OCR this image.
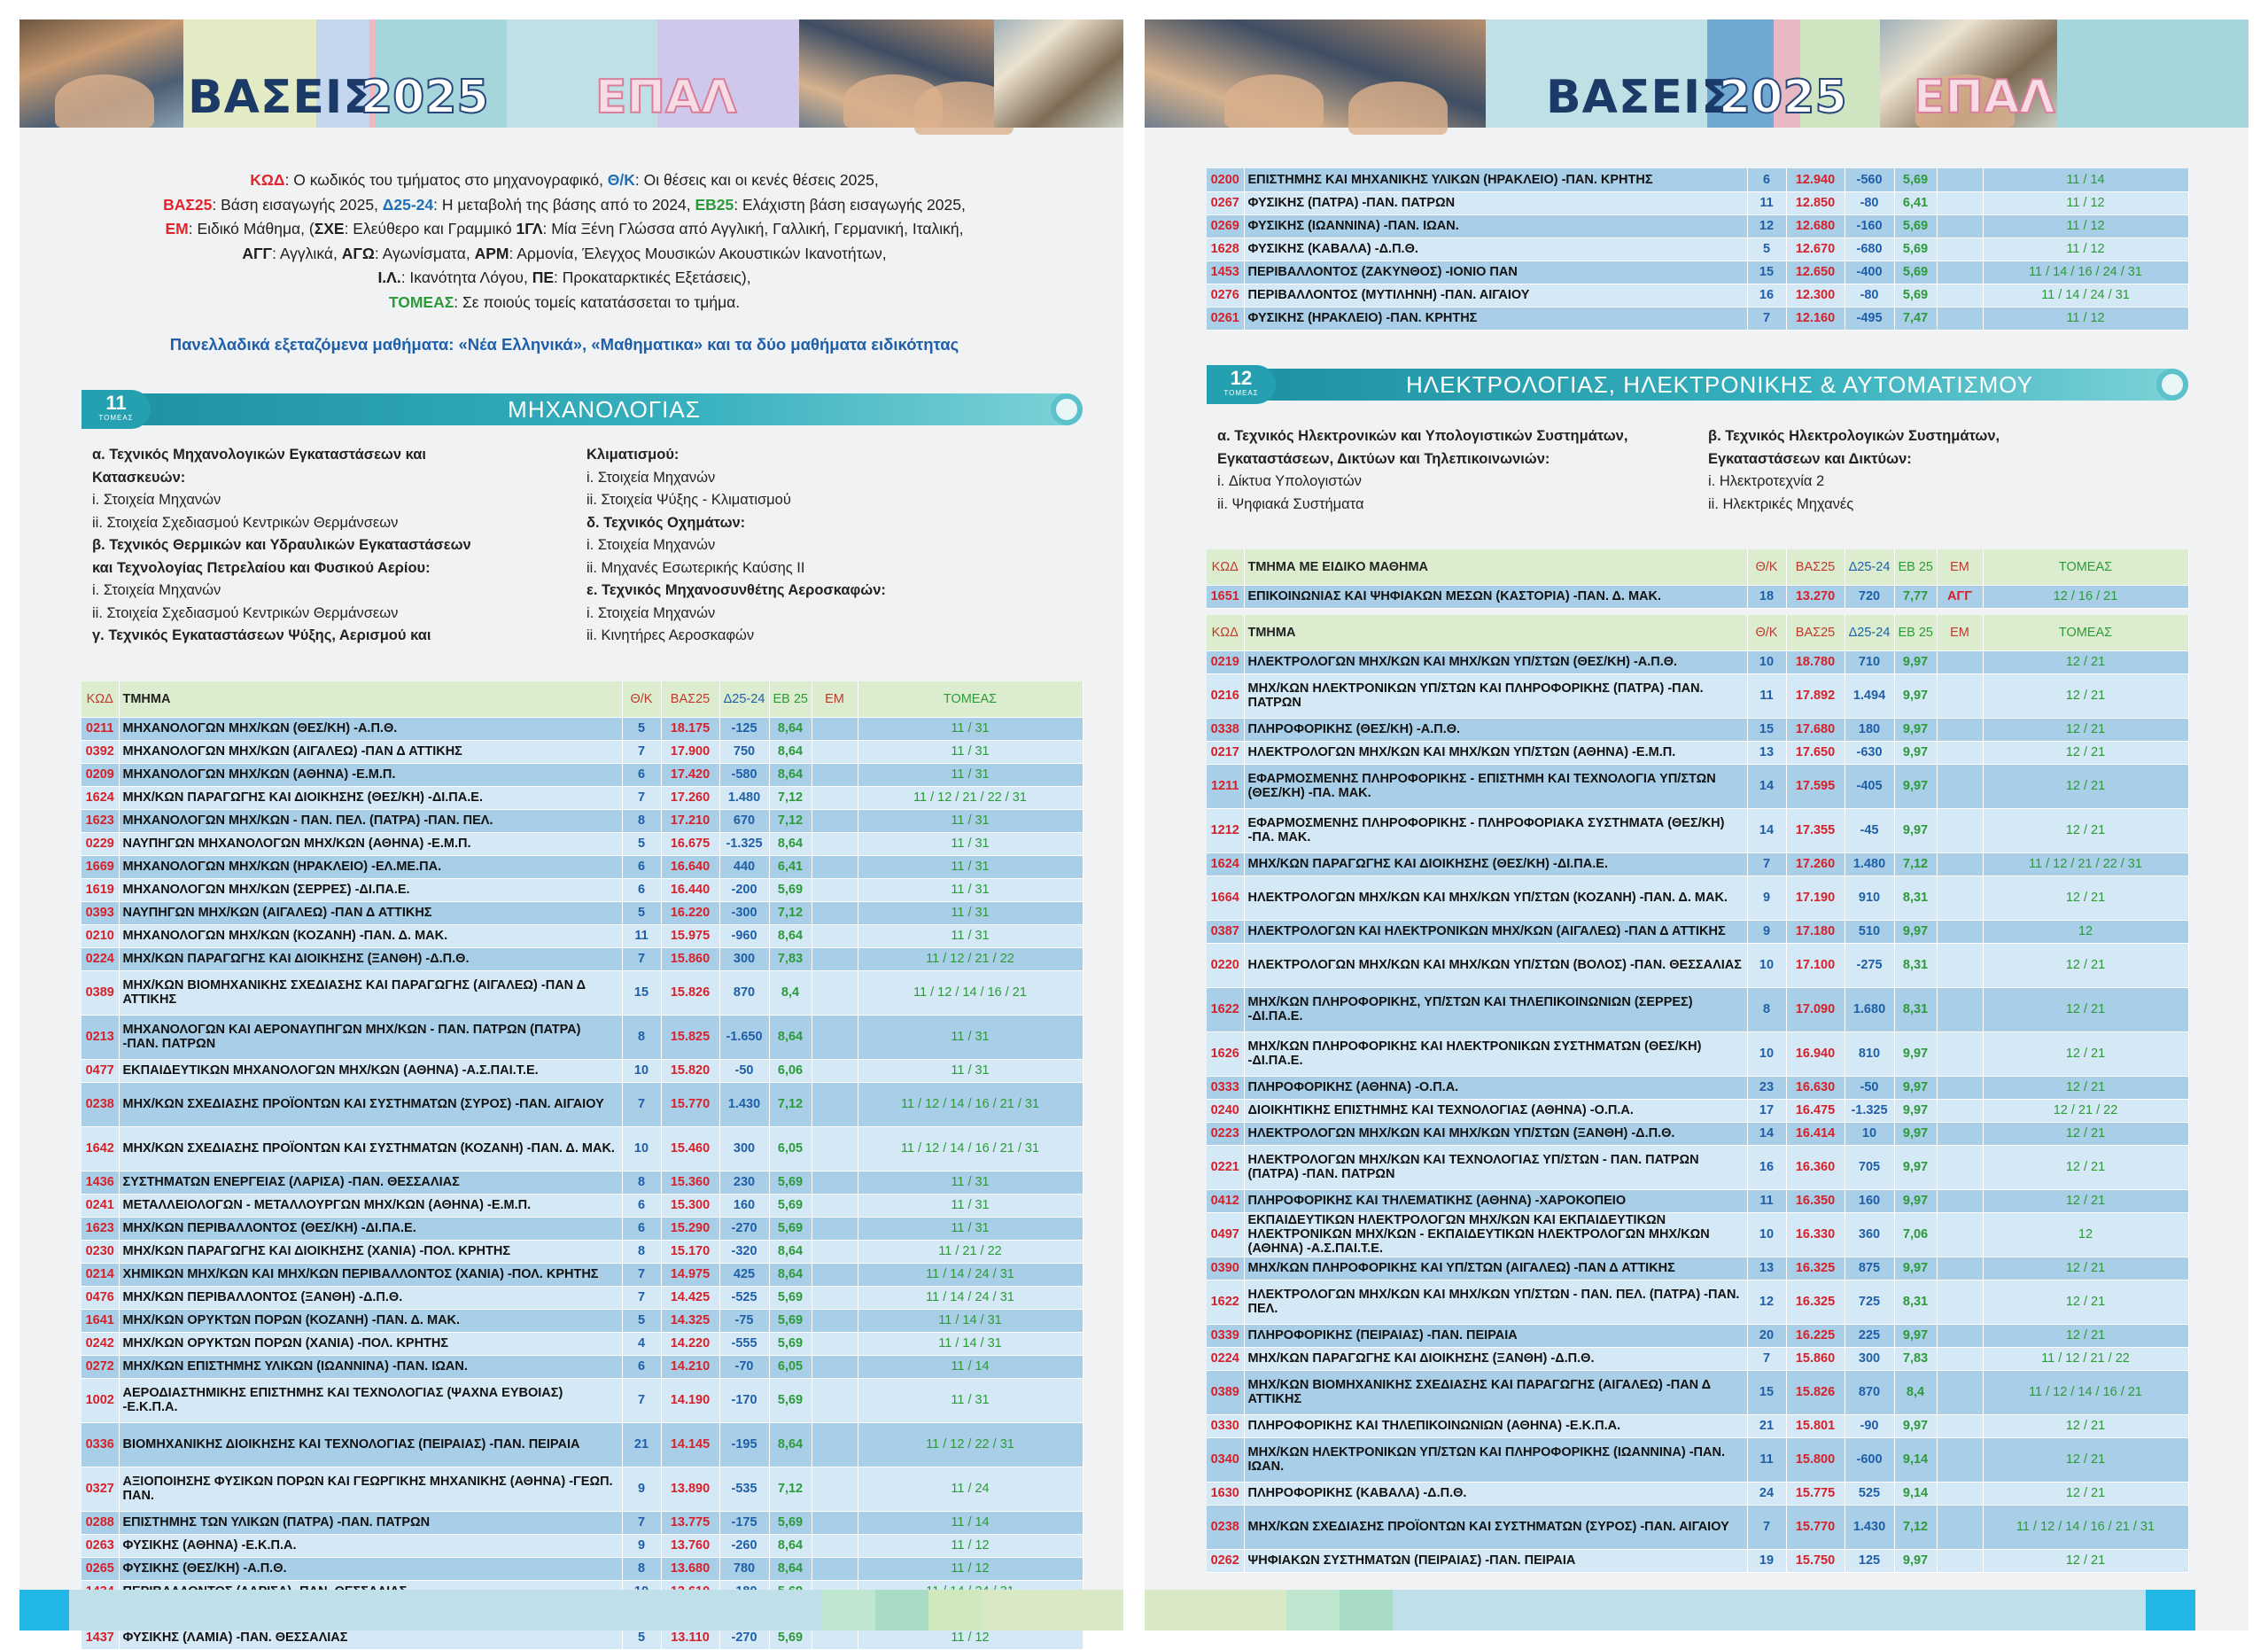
ΒΑΣΕΙΣ
2025 ΕΠΑΛ
ΚΩΔ: Ο κωδικός του τμήματος στο μηχανογραφικό, Θ/Κ: Οι θέσεις και οι κενές θέσεις 2025,
ΒΑΣ25: Βάση εισαγωγής 2025, Δ25-24: Η μεταβολή της βάσης από το 2024, ΕΒ25: Ελάχιστη βάση εισαγωγής 2025,
ΕΜ: Ειδικό Μάθημα, (ΣΧΕ: Ελεύθερο και Γραμμικό 1ΓΛ: Μία Ξένη Γλώσσα από Αγγλική, Γαλλική, Γερμανική, Ιταλική,
ΑΓΓ: Αγγλικά, ΑΓΩ: Αγωνίσματα, ΑΡΜ: Αρμονία, Έλεγχος Μουσικών Ακουστικών Ικανοτήτων,
Ι.Λ.: Ικανότητα Λόγου, ΠΕ: Προκαταρκτικές Εξετάσεις),
ΤΟΜΕΑΣ: Σε ποιούς τομείς κατατάσσεται το τμήμα.
Πανελλαδικά εξεταζόμενα μαθήματα: «Νέα Ελληνικά», «Μαθηματικα» και τα δύο μαθήματα ειδικότητας
11
ΤΟΜΕΑΣ	ΜΗΧΑΝΟΛΟΓΙΑΣ
α. Τεχνικός Μηχανολογικών Εγκαταστάσεων και
Κατασκευών:
i. Στοιχεία Μηχανών
ii. Στοιχεία Σχεδιασμού Κεντρικών Θερμάνσεων
β. Τεχνικός Θερμικών και Υδραυλικών Εγκαταστάσεων
και Τεχνολογίας Πετρελαίου και Φυσικού Αερίου:
i. Στοιχεία Μηχανών
ii. Στοιχεία Σχεδιασμού Κεντρικών Θερμάνσεων
γ. Τεχνικός Εγκαταστάσεων Ψύξης, Αερισμού και
Κλιματισμού:
i. Στοιχεία Μηχανών
ii. Στοιχεία Ψύξης - Κλιματισμού
δ. Τεχνικός Οχημάτων:
i. Στοιχεία Μηχανών
ii. Μηχανές Εσωτερικής Καύσης ΙΙ
ε. Τεχνικός Μηχανοσυνθέτης Αεροσκαφών:
i. Στοιχεία Μηχανών
ii. Κινητήρες Αεροσκαφών
ΚΩΔ	ΤΜΗΜΑ	Θ/Κ	ΒΑΣ25	Δ25-24	ΕΒ 25	ΕΜ	ΤΟΜΕΑΣ
0211	ΜΗΧΑΝΟΛΟΓΩΝ ΜΗΧ/ΚΩΝ (ΘΕΣ/ΚΗ) -Α.Π.Θ.	5	18.175	-125	8,64		11 / 31
0392	ΜΗΧΑΝΟΛΟΓΩΝ ΜΗΧ/ΚΩΝ (ΑΙΓΑΛΕΩ) -ΠΑΝ Δ ΑΤΤΙΚΗΣ	7	17.900	750	8,64		11 / 31
0209	ΜΗΧΑΝΟΛΟΓΩΝ ΜΗΧ/ΚΩΝ (ΑΘΗΝΑ) -Ε.Μ.Π.	6	17.420	-580	8,64		11 / 31
1624	ΜΗΧ/ΚΩΝ ΠΑΡΑΓΩΓΗΣ ΚΑΙ ΔΙΟΙΚΗΣΗΣ (ΘΕΣ/ΚΗ) -ΔΙ.ΠΑ.Ε.	7	17.260	1.480	7,12		11 / 12 / 21 / 22 / 31
1623	ΜΗΧΑΝΟΛΟΓΩΝ ΜΗΧ/ΚΩΝ - ΠΑΝ. ΠΕΛ. (ΠΑΤΡΑ) -ΠΑΝ. ΠΕΛ.	8	17.210	670	7,12		11 / 31
0229	ΝΑΥΠΗΓΩΝ ΜΗΧΑΝΟΛΟΓΩΝ ΜΗΧ/ΚΩΝ (ΑΘΗΝΑ) -Ε.Μ.Π.	5	16.675	-1.325	8,64		11 / 31
1669	ΜΗΧΑΝΟΛΟΓΩΝ ΜΗΧ/ΚΩΝ (ΗΡΑΚΛΕΙΟ) -ΕΛ.ΜΕ.ΠΑ.	6	16.640	440	6,41		11 / 31
1619	ΜΗΧΑΝΟΛΟΓΩΝ ΜΗΧ/ΚΩΝ (ΣΕΡΡΕΣ) -ΔΙ.ΠΑ.Ε.	6	16.440	-200	5,69		11 / 31
0393	ΝΑΥΠΗΓΩΝ ΜΗΧ/ΚΩΝ (ΑΙΓΑΛΕΩ) -ΠΑΝ Δ ΑΤΤΙΚΗΣ	5	16.220	-300	7,12		11 / 31
0210	ΜΗΧΑΝΟΛΟΓΩΝ ΜΗΧ/ΚΩΝ (ΚΟΖΑΝΗ) -ΠΑΝ. Δ. ΜΑΚ.	11	15.975	-960	8,64		11 / 31
0224	ΜΗΧ/ΚΩΝ ΠΑΡΑΓΩΓΗΣ ΚΑΙ ΔΙΟΙΚΗΣΗΣ (ΞΑΝΘΗ) -Δ.Π.Θ.	7	15.860	300	7,83		11 / 12 / 21 / 22
0389	ΜΗΧ/ΚΩΝ ΒΙΟΜΗΧΑΝΙΚΗΣ ΣΧΕΔΙΑΣΗΣ ΚΑΙ ΠΑΡΑΓΩΓΗΣ (ΑΙΓΑΛΕΩ) -ΠΑΝ Δ ΑΤΤΙΚΗΣ	15	15.826	870	8,4		11 / 12 / 14 / 16 / 21
0213	ΜΗΧΑΝΟΛΟΓΩΝ ΚΑΙ ΑΕΡΟΝΑΥΠΗΓΩΝ ΜΗΧ/ΚΩΝ - ΠΑΝ. ΠΑΤΡΩΝ (ΠΑΤΡΑ) -ΠΑΝ. ΠΑΤΡΩΝ	8	15.825	-1.650	8,64		11 / 31
0477	ΕΚΠΑΙΔΕΥΤΙΚΩΝ ΜΗΧΑΝΟΛΟΓΩΝ ΜΗΧ/ΚΩΝ (ΑΘΗΝΑ) -Α.Σ.ΠΑΙ.Τ.Ε.	10	15.820	-50	6,06		11 / 31
0238	ΜΗΧ/ΚΩΝ ΣΧΕΔΙΑΣΗΣ ΠΡΟΪΟΝΤΩΝ ΚΑΙ ΣΥΣΤΗΜΑΤΩΝ (ΣΥΡΟΣ) -ΠΑΝ. ΑΙΓΑΙΟΥ	7	15.770	1.430	7,12		11 / 12 / 14 / 16 / 21 / 31
1642	ΜΗΧ/ΚΩΝ ΣΧΕΔΙΑΣΗΣ ΠΡΟΪΟΝΤΩΝ ΚΑΙ ΣΥΣΤΗΜΑΤΩΝ (ΚΟΖΑΝΗ) -ΠΑΝ. Δ. ΜΑΚ.	10	15.460	300	6,05		11 / 12 / 14 / 16 / 21 / 31
1436	ΣΥΣΤΗΜΑΤΩΝ ΕΝΕΡΓΕΙΑΣ (ΛΑΡΙΣΑ) -ΠΑΝ. ΘΕΣΣΑΛΙΑΣ	8	15.360	230	5,69		11 / 31
0241	ΜΕΤΑΛΛΕΙΟΛΟΓΩΝ - ΜΕΤΑΛΛΟΥΡΓΩΝ ΜΗΧ/ΚΩΝ (ΑΘΗΝΑ) -Ε.Μ.Π.	6	15.300	160	5,69		11 / 31
1623	ΜΗΧ/ΚΩΝ ΠΕΡΙΒΑΛΛΟΝΤΟΣ (ΘΕΣ/ΚΗ) -ΔΙ.ΠΑ.Ε.	6	15.290	-270	5,69		11 / 31
0230	ΜΗΧ/ΚΩΝ ΠΑΡΑΓΩΓΗΣ ΚΑΙ ΔΙΟΙΚΗΣΗΣ (ΧΑΝΙΑ) -ΠΟΛ. ΚΡΗΤΗΣ	8	15.170	-320	8,64		11 / 21 / 22
0214	ΧΗΜΙΚΩΝ ΜΗΧ/ΚΩΝ ΚΑΙ ΜΗΧ/ΚΩΝ ΠΕΡΙΒΑΛΛΟΝΤΟΣ (ΧΑΝΙΑ) -ΠΟΛ. ΚΡΗΤΗΣ	7	14.975	425	8,64		11 / 14 / 24 / 31
0476	ΜΗΧ/ΚΩΝ ΠΕΡΙΒΑΛΛΟΝΤΟΣ (ΞΑΝΘΗ) -Δ.Π.Θ.	7	14.425	-525	5,69		11 / 14 / 24 / 31
1641	ΜΗΧ/ΚΩΝ ΟΡΥΚΤΩΝ ΠΟΡΩΝ (ΚΟΖΑΝΗ) -ΠΑΝ. Δ. ΜΑΚ.	5	14.325	-75	5,69		11 / 14 / 31
0242	ΜΗΧ/ΚΩΝ ΟΡΥΚΤΩΝ ΠΟΡΩΝ (ΧΑΝΙΑ) -ΠΟΛ. ΚΡΗΤΗΣ	4	14.220	-555	5,69		11 / 14 / 31
0272	ΜΗΧ/ΚΩΝ ΕΠΙΣΤΗΜΗΣ ΥΛΙΚΩΝ (ΙΩΑΝΝΙΝΑ) -ΠΑΝ. ΙΩΑΝ.	6	14.210	-70	6,05		11 / 14
1002	ΑΕΡΟΔΙΑΣΤΗΜΙΚΗΣ ΕΠΙΣΤΗΜΗΣ ΚΑΙ ΤΕΧΝΟΛΟΓΙΑΣ (ΨΑΧΝΑ ΕΥΒΟΙΑΣ) -Ε.Κ.Π.Α.	7	14.190	-170	5,69		11 / 31
0336	ΒΙΟΜΗΧΑΝΙΚΗΣ ΔΙΟΙΚΗΣΗΣ ΚΑΙ ΤΕΧΝΟΛΟΓΙΑΣ (ΠΕΙΡΑΙΑΣ) -ΠΑΝ. ΠΕΙΡΑΙΑ	21	14.145	-195	8,64		11 / 12 / 22 / 31
0327	ΑΞΙΟΠΟΙΗΣΗΣ ΦΥΣΙΚΩΝ ΠΟΡΩΝ ΚΑΙ ΓΕΩΡΓΙΚΗΣ ΜΗΧΑΝΙΚΗΣ (ΑΘΗΝΑ) -ΓΕΩΠ. ΠΑΝ.	9	13.890	-535	7,12		11 / 24
0288	ΕΠΙΣΤΗΜΗΣ ΤΩΝ ΥΛΙΚΩΝ (ΠΑΤΡΑ) -ΠΑΝ. ΠΑΤΡΩΝ	7	13.775	-175	5,69		11 / 14
0263	ΦΥΣΙΚΗΣ (ΑΘΗΝΑ) -Ε.Κ.Π.Α.	9	13.760	-260	8,64		11 / 12
0265	ΦΥΣΙΚΗΣ (ΘΕΣ/ΚΗ) -Α.Π.Θ.	8	13.680	780	8,64		11 / 12

1437	ΦΥΣΙΚΗΣ (ΛΑΜΙΑ) -ΠΑΝ. ΘΕΣΣΑΛΙΑΣ	5	13.110	-270	5,69		11 / 12
ΒΑΣΕΙΣ
2025 ΕΠΑΛ
0200	ΕΠΙΣΤΗΜΗΣ ΚΑΙ ΜΗΧΑΝΙΚΗΣ ΥΛΙΚΩΝ (ΗΡΑΚΛΕΙΟ) -ΠΑΝ. ΚΡΗΤΗΣ	6	12.940	-560	5,69		11 / 14
0267	ΦΥΣΙΚΗΣ (ΠΑΤΡΑ) -ΠΑΝ. ΠΑΤΡΩΝ	11	12.850	-80	6,41		11 / 12
0269	ΦΥΣΙΚΗΣ (ΙΩΑΝΝΙΝΑ) -ΠΑΝ. ΙΩΑΝ.	12	12.680	-160	5,69		11 / 12
1628	ΦΥΣΙΚΗΣ (ΚΑΒΑΛΑ) -Δ.Π.Θ.	5	12.670	-680	5,69		11 / 12
1453	ΠΕΡΙΒΑΛΛΟΝΤΟΣ (ΖΑΚΥΝΘΟΣ) -ΙΟΝΙΟ ΠΑΝ	15	12.650	-400	5,69		11 / 14 / 16 / 24 / 31
0276	ΠΕΡΙΒΑΛΛΟΝΤΟΣ (ΜΥΤΙΛΗΝΗ) -ΠΑΝ. ΑΙΓΑΙΟΥ	16	12.300	-80	5,69		11 / 14 / 24 / 31
0261	ΦΥΣΙΚΗΣ (ΗΡΑΚΛΕΙΟ) -ΠΑΝ. ΚΡΗΤΗΣ	7	12.160	-495	7,47		11 / 12
12
ΤΟΜΕΑΣ	ΗΛΕΚΤΡΟΛΟΓΙΑΣ, ΗΛΕΚΤΡΟΝΙΚΗΣ & ΑΥΤΟΜΑΤΙΣΜΟΥ
α. Τεχνικός Ηλεκτρονικών και Υπολογιστικών Συστημάτων,
Εγκαταστάσεων, Δικτύων και Τηλεπικοινωνιών:
i. Δίκτυα Υπολογιστών
ii. Ψηφιακά Συστήματα
β. Τεχνικός Ηλεκτρολογικών Συστημάτων,
Εγκαταστάσεων και Δικτύων:
i. Ηλεκτροτεχνία 2
ii. Ηλεκτρικές Μηχανές
ΚΩΔ	ΤΜΗΜΑ ΜΕ ΕΙΔΙΚΟ ΜΑΘΗΜΑ	Θ/Κ	ΒΑΣ25	Δ25-24	ΕΒ 25	ΕΜ	ΤΟΜΕΑΣ
1651	ΕΠΙΚΟΙΝΩΝΙΑΣ ΚΑΙ ΨΗΦΙΑΚΩΝ ΜΕΣΩΝ (ΚΑΣΤΟΡΙΑ) -ΠΑΝ. Δ. ΜΑΚ.	18	13.270	720	7,77	ΑΓΓ	12 / 16 / 21
ΚΩΔ	ΤΜΗΜΑ	Θ/Κ	ΒΑΣ25	Δ25-24	ΕΒ 25	ΕΜ	ΤΟΜΕΑΣ
0219	ΗΛΕΚΤΡΟΛΟΓΩΝ ΜΗΧ/ΚΩΝ ΚΑΙ ΜΗΧ/ΚΩΝ ΥΠ/ΣΤΩΝ (ΘΕΣ/ΚΗ) -Α.Π.Θ.	10	18.780	710	9,97		12 / 21
0216	ΜΗΧ/ΚΩΝ ΗΛΕΚΤΡΟΝΙΚΩΝ ΥΠ/ΣΤΩΝ ΚΑΙ ΠΛΗΡΟΦΟΡΙΚΗΣ (ΠΑΤΡΑ) -ΠΑΝ. ΠΑΤΡΩΝ	11	17.892	1.494	9,97		12 / 21
0338	ΠΛΗΡΟΦΟΡΙΚΗΣ (ΘΕΣ/ΚΗ) -Α.Π.Θ.	15	17.680	180	9,97		12 / 21
0217	ΗΛΕΚΤΡΟΛΟΓΩΝ ΜΗΧ/ΚΩΝ ΚΑΙ ΜΗΧ/ΚΩΝ ΥΠ/ΣΤΩΝ (ΑΘΗΝΑ) -Ε.Μ.Π.	13	17.650	-630	9,97		12 / 21
1211	ΕΦΑΡΜΟΣΜΕΝΗΣ ΠΛΗΡΟΦΟΡΙΚΗΣ - ΕΠΙΣΤΗΜΗ ΚΑΙ ΤΕΧΝΟΛΟΓΙΑ ΥΠ/ΣΤΩΝ (ΘΕΣ/ΚΗ) -ΠΑ. ΜΑΚ.	14	17.595	-405	9,97		12 / 21
1212	ΕΦΑΡΜΟΣΜΕΝΗΣ ΠΛΗΡΟΦΟΡΙΚΗΣ - ΠΛΗΡΟΦΟΡΙΑΚΑ ΣΥΣΤΗΜΑΤΑ (ΘΕΣ/ΚΗ) -ΠΑ. ΜΑΚ.	14	17.355	-45	9,97		12 / 21
1624	ΜΗΧ/ΚΩΝ ΠΑΡΑΓΩΓΗΣ ΚΑΙ ΔΙΟΙΚΗΣΗΣ (ΘΕΣ/ΚΗ) -ΔΙ.ΠΑ.Ε.	7	17.260	1.480	7,12		11 / 12 / 21 / 22 / 31
1664	ΗΛΕΚΤΡΟΛΟΓΩΝ ΜΗΧ/ΚΩΝ ΚΑΙ ΜΗΧ/ΚΩΝ ΥΠ/ΣΤΩΝ (ΚΟΖΑΝΗ) -ΠΑΝ. Δ. ΜΑΚ.	9	17.190	910	8,31		12 / 21
0387	ΗΛΕΚΤΡΟΛΟΓΩΝ ΚΑΙ ΗΛΕΚΤΡΟΝΙΚΩΝ ΜΗΧ/ΚΩΝ (ΑΙΓΑΛΕΩ) -ΠΑΝ Δ ΑΤΤΙΚΗΣ	9	17.180	510	9,97		12
0220	ΗΛΕΚΤΡΟΛΟΓΩΝ ΜΗΧ/ΚΩΝ ΚΑΙ ΜΗΧ/ΚΩΝ ΥΠ/ΣΤΩΝ (ΒΟΛΟΣ) -ΠΑΝ. ΘΕΣΣΑΛΙΑΣ	10	17.100	-275	8,31		12 / 21
1622	ΜΗΧ/ΚΩΝ ΠΛΗΡΟΦΟΡΙΚΗΣ, ΥΠ/ΣΤΩΝ ΚΑΙ ΤΗΛΕΠΙΚΟΙΝΩΝΙΩΝ (ΣΕΡΡΕΣ) -ΔΙ.ΠΑ.Ε.	8	17.090	1.680	8,31		12 / 21
1626	ΜΗΧ/ΚΩΝ ΠΛΗΡΟΦΟΡΙΚΗΣ ΚΑΙ ΗΛΕΚΤΡΟΝΙΚΩΝ ΣΥΣΤΗΜΑΤΩΝ (ΘΕΣ/ΚΗ) -ΔΙ.ΠΑ.Ε.	10	16.940	810	9,97		12 / 21
0333	ΠΛΗΡΟΦΟΡΙΚΗΣ (ΑΘΗΝΑ) -Ο.Π.Α.	23	16.630	-50	9,97		12 / 21
0240	ΔΙΟΙΚΗΤΙΚΗΣ ΕΠΙΣΤΗΜΗΣ ΚΑΙ ΤΕΧΝΟΛΟΓΙΑΣ (ΑΘΗΝΑ) -Ο.Π.Α.	17	16.475	-1.325	9,97		12 / 21 / 22
0223	ΗΛΕΚΤΡΟΛΟΓΩΝ ΜΗΧ/ΚΩΝ ΚΑΙ ΜΗΧ/ΚΩΝ ΥΠ/ΣΤΩΝ (ΞΑΝΘΗ) -Δ.Π.Θ.	14	16.414	10	9,97		12 / 21
0221	ΗΛΕΚΤΡΟΛΟΓΩΝ ΜΗΧ/ΚΩΝ ΚΑΙ ΤΕΧΝΟΛΟΓΙΑΣ ΥΠ/ΣΤΩΝ - ΠΑΝ. ΠΑΤΡΩΝ (ΠΑΤΡΑ) -ΠΑΝ. ΠΑΤΡΩΝ	16	16.360	705	9,97		12 / 21
0412	ΠΛΗΡΟΦΟΡΙΚΗΣ ΚΑΙ ΤΗΛΕΜΑΤΙΚΗΣ (ΑΘΗΝΑ) -ΧΑΡΟΚΟΠΕΙΟ	11	16.350	160	9,97		12 / 21
0497	ΕΚΠΑΙΔΕΥΤΙΚΩΝ ΗΛΕΚΤΡΟΛΟΓΩΝ ΜΗΧ/ΚΩΝ ΚΑΙ ΕΚΠΑΙΔΕΥΤΙΚΩΝ ΗΛΕΚΤΡΟΝΙΚΩΝ ΜΗΧ/ΚΩΝ - ΕΚΠΑΙΔΕΥΤΙΚΩΝ ΗΛΕΚΤΡΟΛΟΓΩΝ ΜΗΧ/ΚΩΝ (ΑΘΗΝΑ) -Α.Σ.ΠΑΙ.Τ.Ε.	10	16.330	360	7,06		12
0390	ΜΗΧ/ΚΩΝ ΠΛΗΡΟΦΟΡΙΚΗΣ ΚΑΙ ΥΠ/ΣΤΩΝ (ΑΙΓΑΛΕΩ) -ΠΑΝ Δ ΑΤΤΙΚΗΣ	13	16.325	875	9,97		12 / 21
1622	ΗΛΕΚΤΡΟΛΟΓΩΝ ΜΗΧ/ΚΩΝ ΚΑΙ ΜΗΧ/ΚΩΝ ΥΠ/ΣΤΩΝ - ΠΑΝ. ΠΕΛ. (ΠΑΤΡΑ) -ΠΑΝ. ΠΕΛ.	12	16.325	725	8,31		12 / 21
0339	ΠΛΗΡΟΦΟΡΙΚΗΣ (ΠΕΙΡΑΙΑΣ) -ΠΑΝ. ΠΕΙΡΑΙΑ	20	16.225	225	9,97		12 / 21
0224	ΜΗΧ/ΚΩΝ ΠΑΡΑΓΩΓΗΣ ΚΑΙ ΔΙΟΙΚΗΣΗΣ (ΞΑΝΘΗ) -Δ.Π.Θ.	7	15.860	300	7,83		11 / 12 / 21 / 22
0389	ΜΗΧ/ΚΩΝ ΒΙΟΜΗΧΑΝΙΚΗΣ ΣΧΕΔΙΑΣΗΣ ΚΑΙ ΠΑΡΑΓΩΓΗΣ (ΑΙΓΑΛΕΩ) -ΠΑΝ Δ ΑΤΤΙΚΗΣ	15	15.826	870	8,4		11 / 12 / 14 / 16 / 21
0330	ΠΛΗΡΟΦΟΡΙΚΗΣ ΚΑΙ ΤΗΛΕΠΙΚΟΙΝΩΝΙΩΝ (ΑΘΗΝΑ) -Ε.Κ.Π.Α.	21	15.801	-90	9,97		12 / 21
0340	ΜΗΧ/ΚΩΝ ΗΛΕΚΤΡΟΝΙΚΩΝ ΥΠ/ΣΤΩΝ ΚΑΙ ΠΛΗΡΟΦΟΡΙΚΗΣ (ΙΩΑΝΝΙΝΑ) -ΠΑΝ. ΙΩΑΝ.	11	15.800	-600	9,14		12 / 21
1630	ΠΛΗΡΟΦΟΡΙΚΗΣ (ΚΑΒΑΛΑ) -Δ.Π.Θ.	24	15.775	525	9,14		12 / 21
0238	ΜΗΧ/ΚΩΝ ΣΧΕΔΙΑΣΗΣ ΠΡΟΪΟΝΤΩΝ ΚΑΙ ΣΥΣΤΗΜΑΤΩΝ (ΣΥΡΟΣ) -ΠΑΝ. ΑΙΓΑΙΟΥ	7	15.770	1.430	7,12		11 / 12 / 14 / 16 / 21 / 31
0262	ΨΗΦΙΑΚΩΝ ΣΥΣΤΗΜΑΤΩΝ (ΠΕΙΡΑΙΑΣ) -ΠΑΝ. ΠΕΙΡΑΙΑ	19	15.750	125	9,97		12 / 21
